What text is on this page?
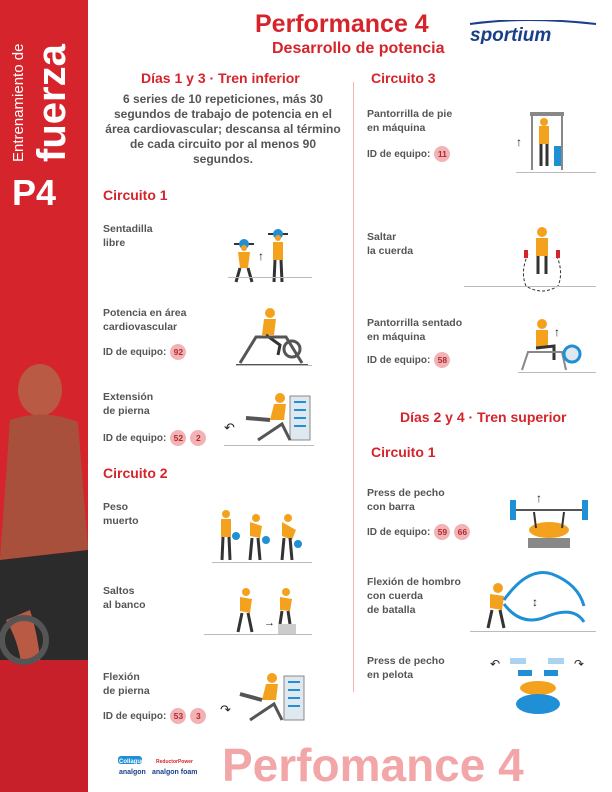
Entrenamiento de fuerza
P4
Performance 4
Desarrollo de potencia
sportium
Días 1 y 3 · Tren inferior
6 series de 10 repeticiones, más 30 segundos de trabajo de potencia en el área cardiovascular; descansa al término de cada circuito por al menos 90 segundos.
Circuito 1
Sentadilla
libre
↑
Potencia en área
cardiovascular
ID de equipo: 92
Extensión
de pierna
ID de equipo: 52	2
↶
Circuito 2
Peso
muerto
Saltos
al banco
→
Flexión
de pierna
ID de equipo: 53	3	↷
Circuito 3
Pantorrilla de pie
en máquina
ID de equipo: 11
↑
Saltar
la cuerda
Pantorrilla sentado
en máquina
ID de equipo: 58
↑
Días 2 y 4 · Tren superior
Circuito 1
Press de pecho
con barra
ID de equipo: 59	66
↑
Flexión de hombro
con cuerda
de batalla
↕
Press de pecho
en pelota
↶	↷
Collaguer
analgon
ReductorPower
analgon foam Perfomance 4
